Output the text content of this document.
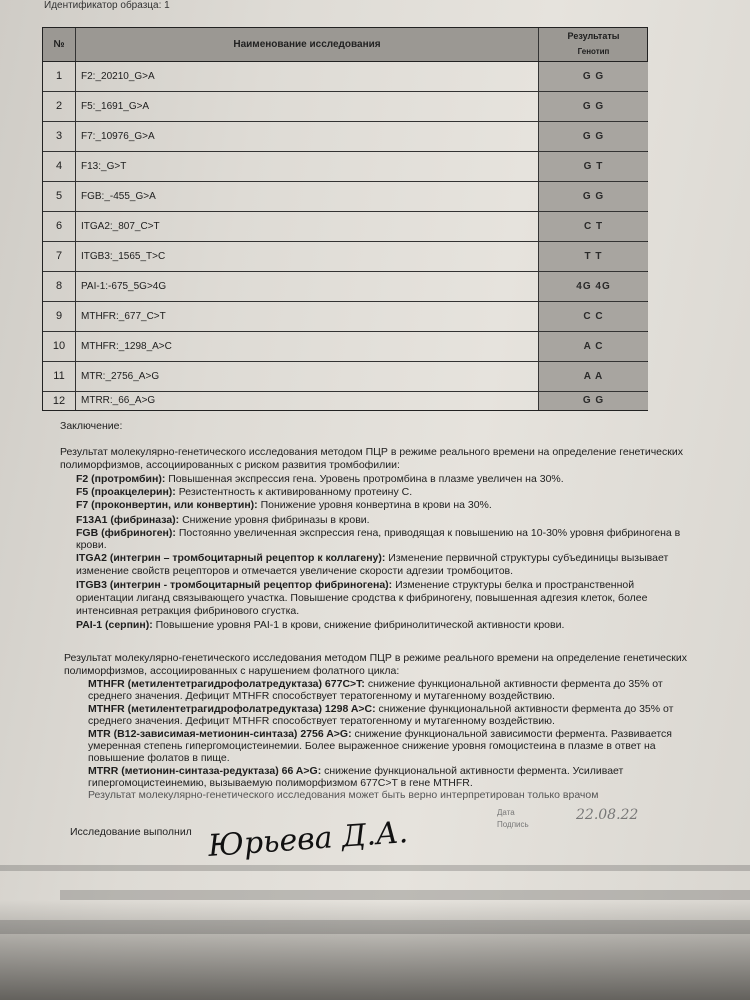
Идентификатор образца: 1
№	Наименование исследования
Результаты
Генотип
1	F2:_20210_G>A	G G
2	F5:_1691_G>A	G G
3	F7:_10976_G>A	G G
4	F13:_G>T	G T
5	FGB:_-455_G>A	G G
6	ITGA2:_807_C>T	C T
7	ITGB3:_1565_T>C	T T
8	PAI-1:-675_5G>4G	4G 4G
9	MTHFR:_677_C>T	C C
10	MTHFR:_1298_A>C	A C
11	MTR:_2756_A>G	A A
12	MTRR:_66_A>G	G G
Заключение:
Результат молекулярно-генетического исследования методом ПЦР в режиме реального времени на определение генетических
полиморфизмов, ассоциированных с риском развития тромбофилии:
F2 (протромбин): Повышенная экспрессия гена. Уровень протромбина в плазме увеличен на 30%.
F5 (проакцелерин): Резистентность к активированному протеину С.
F7 (проконвертин, или конвертин): Понижение уровня конвертина в крови на 30%.
F13A1 (фибриназа): Снижение уровня фибриназы в крови.
FGB (фибриноген): Постоянно увеличенная экспрессия гена, приводящая к повышению на 10-30% уровня фибриногена в
крови.
ITGA2 (интегрин – тромбоцитарный рецептор к коллагену): Изменение первичной структуры субъединицы вызывает
изменение свойств рецепторов и отмечается увеличение скорости адгезии тромбоцитов.
ITGB3 (интегрин - тромбоцитарный рецептор фибриногена): Изменение структуры белка и пространственной
ориентации лиганд связывающего участка. Повышение сродства к фибриногену, повышенная адгезия клеток, более
интенсивная ретракция фибринового сгустка.
PAI-1 (серпин): Повышение уровня PAI-1 в крови, снижение фибринолитической активности крови.
Результат молекулярно-генетического исследования методом ПЦР в режиме реального времени на определение генетических
полиморфизмов, ассоциированных с нарушением фолатного цикла:
MTHFR (метилентетрагидрофолатредуктаза) 677C>T: снижение функциональной активности фермента до 35% от
среднего значения. Дефицит MTHFR способствует тератогенному и мутагенному воздействию.
MTHFR (метилентетрагидрофолатредуктаза) 1298 A>C: снижение функциональной активности фермента до 35% от
среднего значения. Дефицит MTHFR способствует тератогенному и мутагенному воздействию.
MTR (B12-зависимая-метионин-синтаза) 2756 A>G: снижение функциональной зависимости фермента. Развивается
умеренная степень гипергомоцистеинемии. Более выраженное снижение уровня гомоцистеина в плазме в ответ на
повышение фолатов в пище.
MTRR (метионин-синтаза-редуктаза) 66 A>G: снижение функциональной активности фермента. Усиливает
гипергомоцистеинемию, вызываемую полиморфизмом 677C>T в гене MTHFR.
Результат молекулярно-генетического исследования может быть верно интерпретирован только врачом
Исследование выполнил Юрьева Д.А.
Дата
Подпись
22.08.22
